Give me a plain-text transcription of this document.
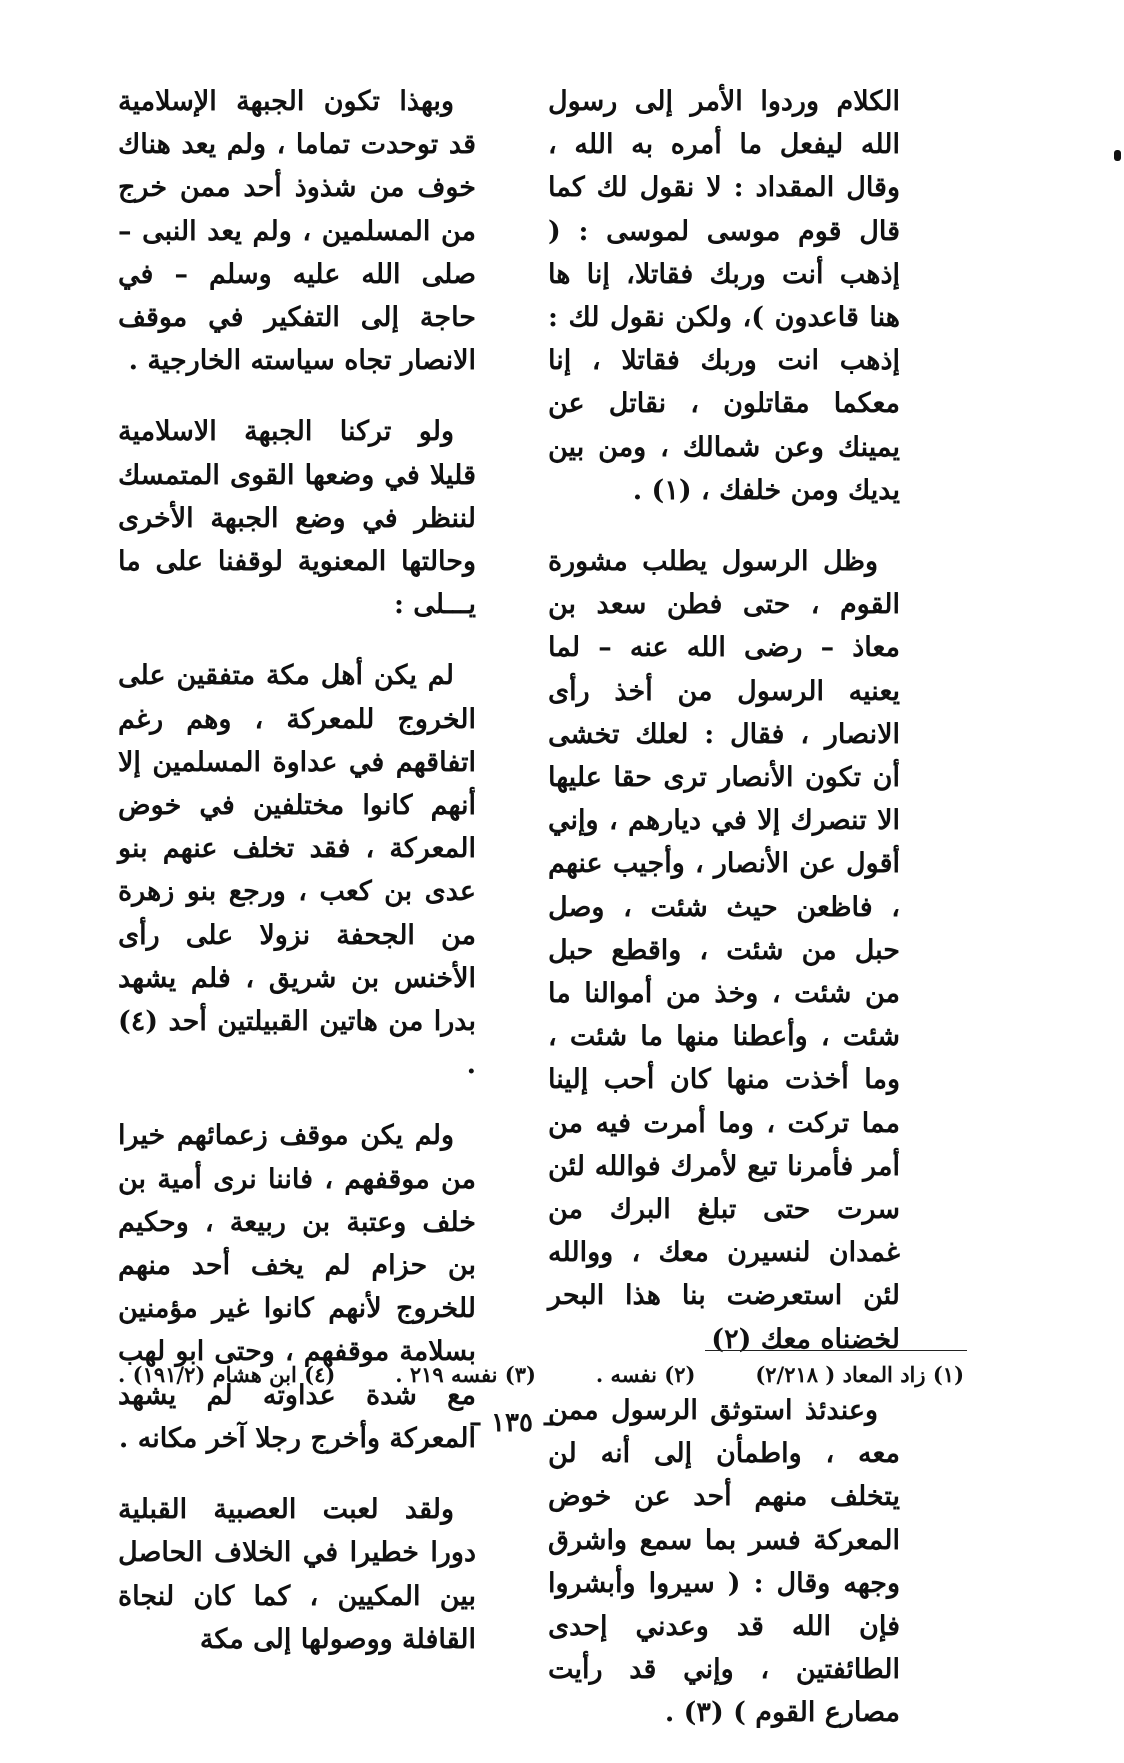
الكلام وردوا الأمر إلى رسول الله ليفعل ما أمره به الله ، وقال المقداد : لا نقول لك كما قال قوم موسى لموسى : ( إذهب أنت وربك فقاتلا، إنا ها هنا قاعدون )، ولكن نقول لك : إذهب انت وربك فقاتلا ، إنا معكما مقاتلون ، نقاتل عن يمينك وعن شمالك ، ومن بين يديك ومن خلفك ، (١) .

وظل الرسول يطلب مشورة القوم ، حتى فطن سعد بن معاذ – رضى الله عنه – لما يعنيه الرسول من أخذ رأى الانصار ، فقال : لعلك تخشى أن تكون الأنصار ترى حقا عليها الا تنصرك إلا في ديارهم ، وإني أقول عن الأنصار ، وأجيب عنهم ، فاظعن حيث شئت ، وصل حبل من شئت ، واقطع حبل من شئت ، وخذ من أموالنا ما شئت ، وأعطنا منها ما شئت ، وما أخذت منها كان أحب إلينا مما تركت ، وما أمرت فيه من أمر فأمرنا تبع لأمرك فوالله لئن سرت حتى تبلغ البرك من غمدان لنسيرن معك ، ووالله لئن استعرضت بنا هذا البحر لخضناه معك (٢)

وعندئذ استوثق الرسول ممن معه ، واطمأن إلى أنه لن يتخلف منهم أحد عن خوض المعركة فسر بما سمع واشرق وجهه وقال : ( سيروا وأبشروا فإن الله قد وعدني إحدى الطائفتين ، وإني قد رأيت مصارع القوم ) (٣) .

وبهذا تكون الجبهة الإسلامية قد توحدت تماما ، ولم يعد هناك خوف من شذوذ أحد ممن خرج من المسلمين ، ولم يعد النبى – صلى الله عليه وسلم – في حاجة إلى التفكير في موقف الانصار تجاه سياسته الخارجية .

ولو تركنا الجبهة الاسلامية قليلا في وضعها القوى المتمسك لننظر في وضع الجبهة الأخرى وحالتها المعنوية لوقفنا على ما يـــلى :

لم يكن أهل مكة متفقين على الخروج للمعركة ، وهم رغم اتفاقهم في عداوة المسلمين إلا أنهم كانوا مختلفين في خوض المعركة ، فقد تخلف عنهم بنو عدى بن كعب ، ورجع بنو زهرة من الجحفة نزولا على رأى الأخنس بن شريق ، فلم يشهد بدرا من هاتين القبيلتين أحد (٤) .

ولم يكن موقف زعمائهم خيرا من موقفهم ، فاننا نرى أمية بن خلف وعتبة بن ربيعة ، وحكيم بن حزام لم يخف أحد منهم للخروج لأنهم كانوا غير مؤمنين بسلامة موقفهم ، وحتى ابو لهب مع شدة عداوته لم يشهد المعركة وأخرج رجلا آخر مكانه .

ولقد لعبت العصبية القبلية دورا خطيرا في الخلاف الحاصل بين المكيين ، كما كان لنجاة القافلة ووصولها إلى مكة

(١) زاد المعاد ( ٢/٢١٨)
(٢) نفسه .
(٣) نفسه ٢١٩ .
(٤) ابن هشام (١٩١/٢) .
– ١٣٥ –
